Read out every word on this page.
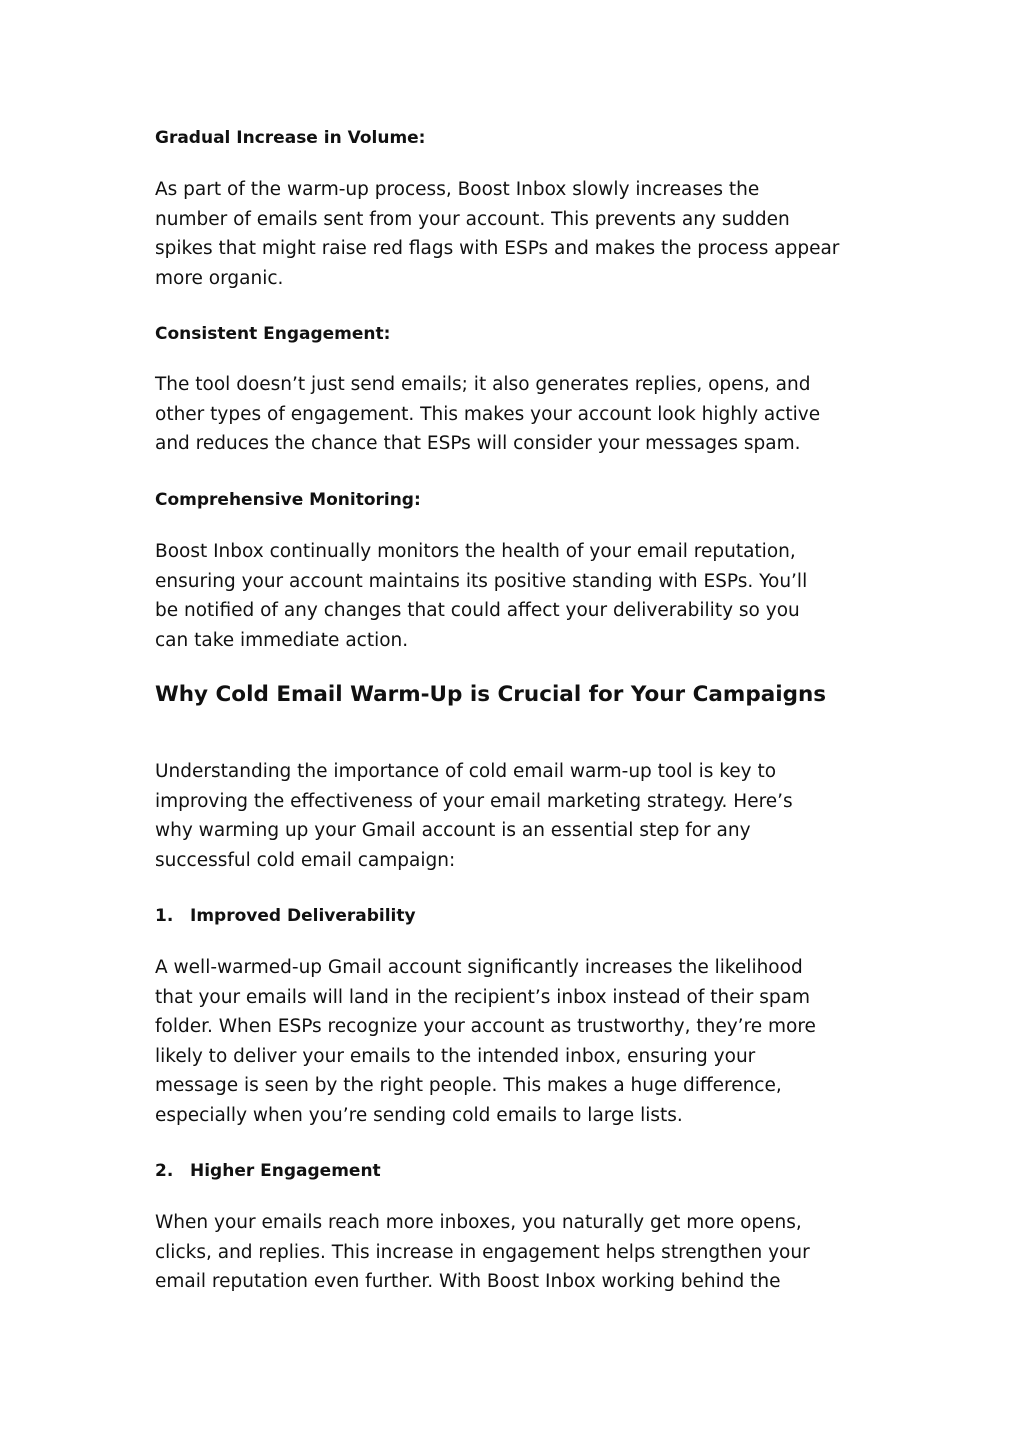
Gradual Increase in Volume:
As part of the warm-up process, Boost Inbox slowly increases the
number of emails sent from your account. This prevents any sudden
spikes that might raise red flags with ESPs and makes the process appear
more organic.
Consistent Engagement:
The tool doesn’t just send emails; it also generates replies, opens, and
other types of engagement. This makes your account look highly active
and reduces the chance that ESPs will consider your messages spam.
Comprehensive Monitoring:
Boost Inbox continually monitors the health of your email reputation,
ensuring your account maintains its positive standing with ESPs. You’ll
be notified of any changes that could affect your deliverability so you
can take immediate action.
Why Cold Email Warm-Up is Crucial for Your Campaigns
Understanding the importance of cold email warm-up tool is key to
improving the effectiveness of your email marketing strategy. Here’s
why warming up your Gmail account is an essential step for any
successful cold email campaign:
1. Improved Deliverability
A well-warmed-up Gmail account significantly increases the likelihood
that your emails will land in the recipient’s inbox instead of their spam
folder. When ESPs recognize your account as trustworthy, they’re more
likely to deliver your emails to the intended inbox, ensuring your
message is seen by the right people. This makes a huge difference,
especially when you’re sending cold emails to large lists.
2. Higher Engagement
When your emails reach more inboxes, you naturally get more opens,
clicks, and replies. This increase in engagement helps strengthen your
email reputation even further. With Boost Inbox working behind the
